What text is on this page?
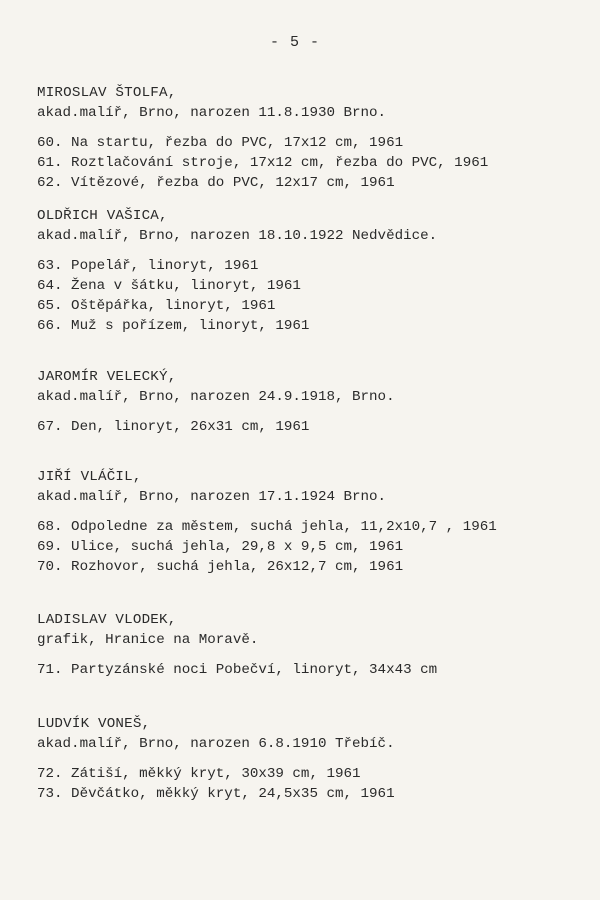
- 5 -
MIROSLAV ŠTOLFA,
akad.malíř, Brno, narozen 11.8.1930 Brno.
60. Na startu, řezba do PVC, 17x12 cm, 1961
61. Roztlačování stroje, 17x12 cm, řezba do PVC, 1961
62. Vítězové, řezba do PVC, 12x17 cm, 1961
OLDŘICH VAŠICA,
akad.malíř, Brno, narozen 18.10.1922 Nedvědice.
63. Popelář, linoryt, 1961
64. Žena v šátku, linoryt, 1961
65. Oštěpářka, linoryt, 1961
66. Muž s pořízem, linoryt, 1961
JAROMÍR VELECKÝ,
akad.malíř, Brno, narozen 24.9.1918, Brno.
67. Den, linoryt, 26x31 cm, 1961
JIŘÍ VLÁČIL,
akad.malíř, Brno, narozen 17.1.1924 Brno.
68. Odpoledne za městem, suchá jehla, 11,2x10,7 , 1961
69. Ulice, suchá jehla, 29,8 x 9,5 cm, 1961
70. Rozhovor, suchá jehla, 26x12,7 cm, 1961
LADISLAV VLODEK,
grafik, Hranice na Moravě.
71. Partyzánské noci Pobečví, linoryt, 34x43 cm
LUDVÍK VONEŠ,
akad.malíř, Brno, narozen 6.8.1910 Třebíč.
72. Zátiší, měkký kryt, 30x39 cm, 1961
73. Děvčátko, měkký kryt, 24,5x35 cm, 1961
